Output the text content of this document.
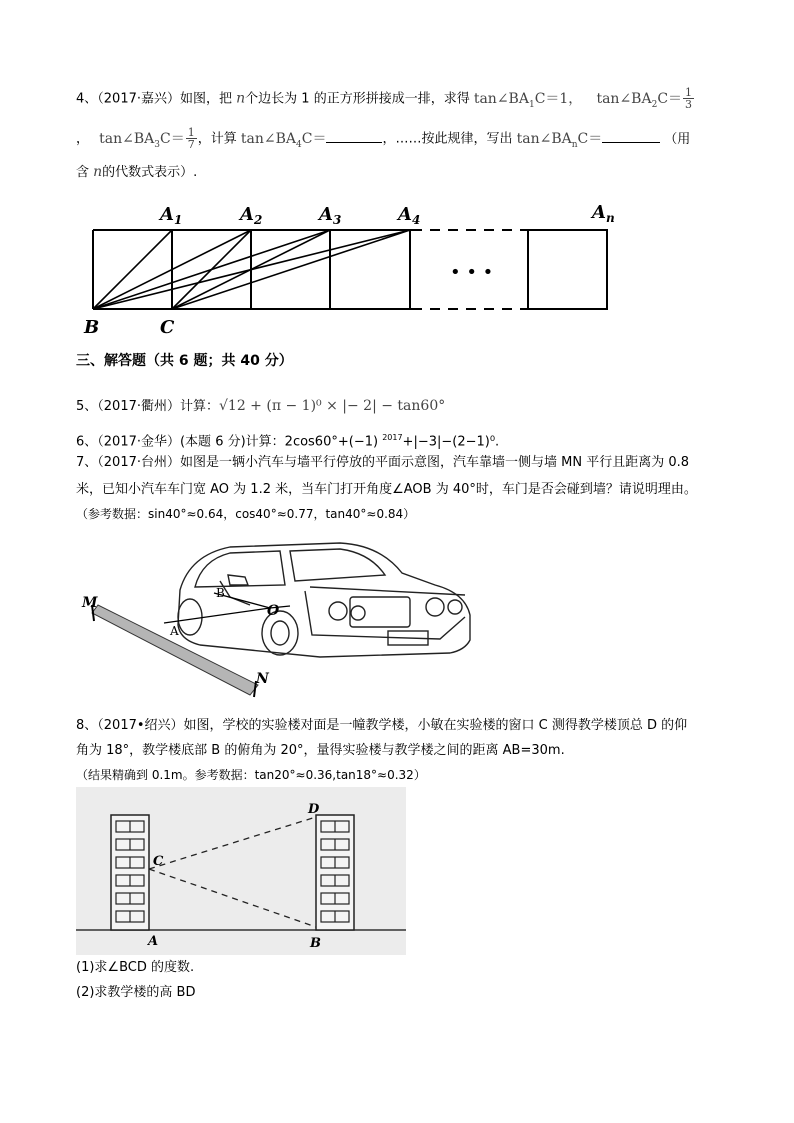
4、（2017·嘉兴）如图，把 n个边长为 1 的正方形拼接成一排，求得 $\tan\angle BA_1C=1$， $\tan\angle BA_2C= \frac{1}{3}$
， $\tan\angle BA_3C= \frac{1}{7}$ ，计算 $\tan\angle BA_4C=$	，……按此规律，写出 $\tan\angle BA_nC=$	（用
含 n的代数式表示）.
• • •
$A_1$	$A_2$	$A_3$	$A_4$	$A_n$
B	C
三、解答题（共 6 题；共 40 分）
5、（2017·衢州）计算：√12 + (π − 1)⁰ × |− 2| − tan60°
6、（2017·金华）(本题 6 分)计算：2cos60°+(−1) $^{2017}$+|−3|−(2−1)⁰.
7、（2017·台州）如图是一辆小汽车与墙平行停放的平面示意图，汽车靠墙一侧与墙 MN 平行且距离为 0.8
米，已知小汽车车门宽 AO 为 1.2 米，当车门打开角度∠AOB 为 40°时，车门是否会碰到墙？请说明理由。
（参考数据：sin40°≈0.64，cos40°≈0.77，tan40°≈0.84）
M
N
A
B
O
8、（2017•绍兴）如图，学校的实验楼对面是一幢教学楼，小敏在实验楼的窗口 C 测得教学楼顶总 D 的仰
角为 18°，教学楼底部 B 的俯角为 20°，量得实验楼与教学楼之间的距离 AB=30m.
（结果精确到 0.1m。参考数据：tan20°≈0.36,tan18°≈0.32）
D
C
A	B
(1)求∠BCD 的度数.
(2)求教学楼的高 BD
